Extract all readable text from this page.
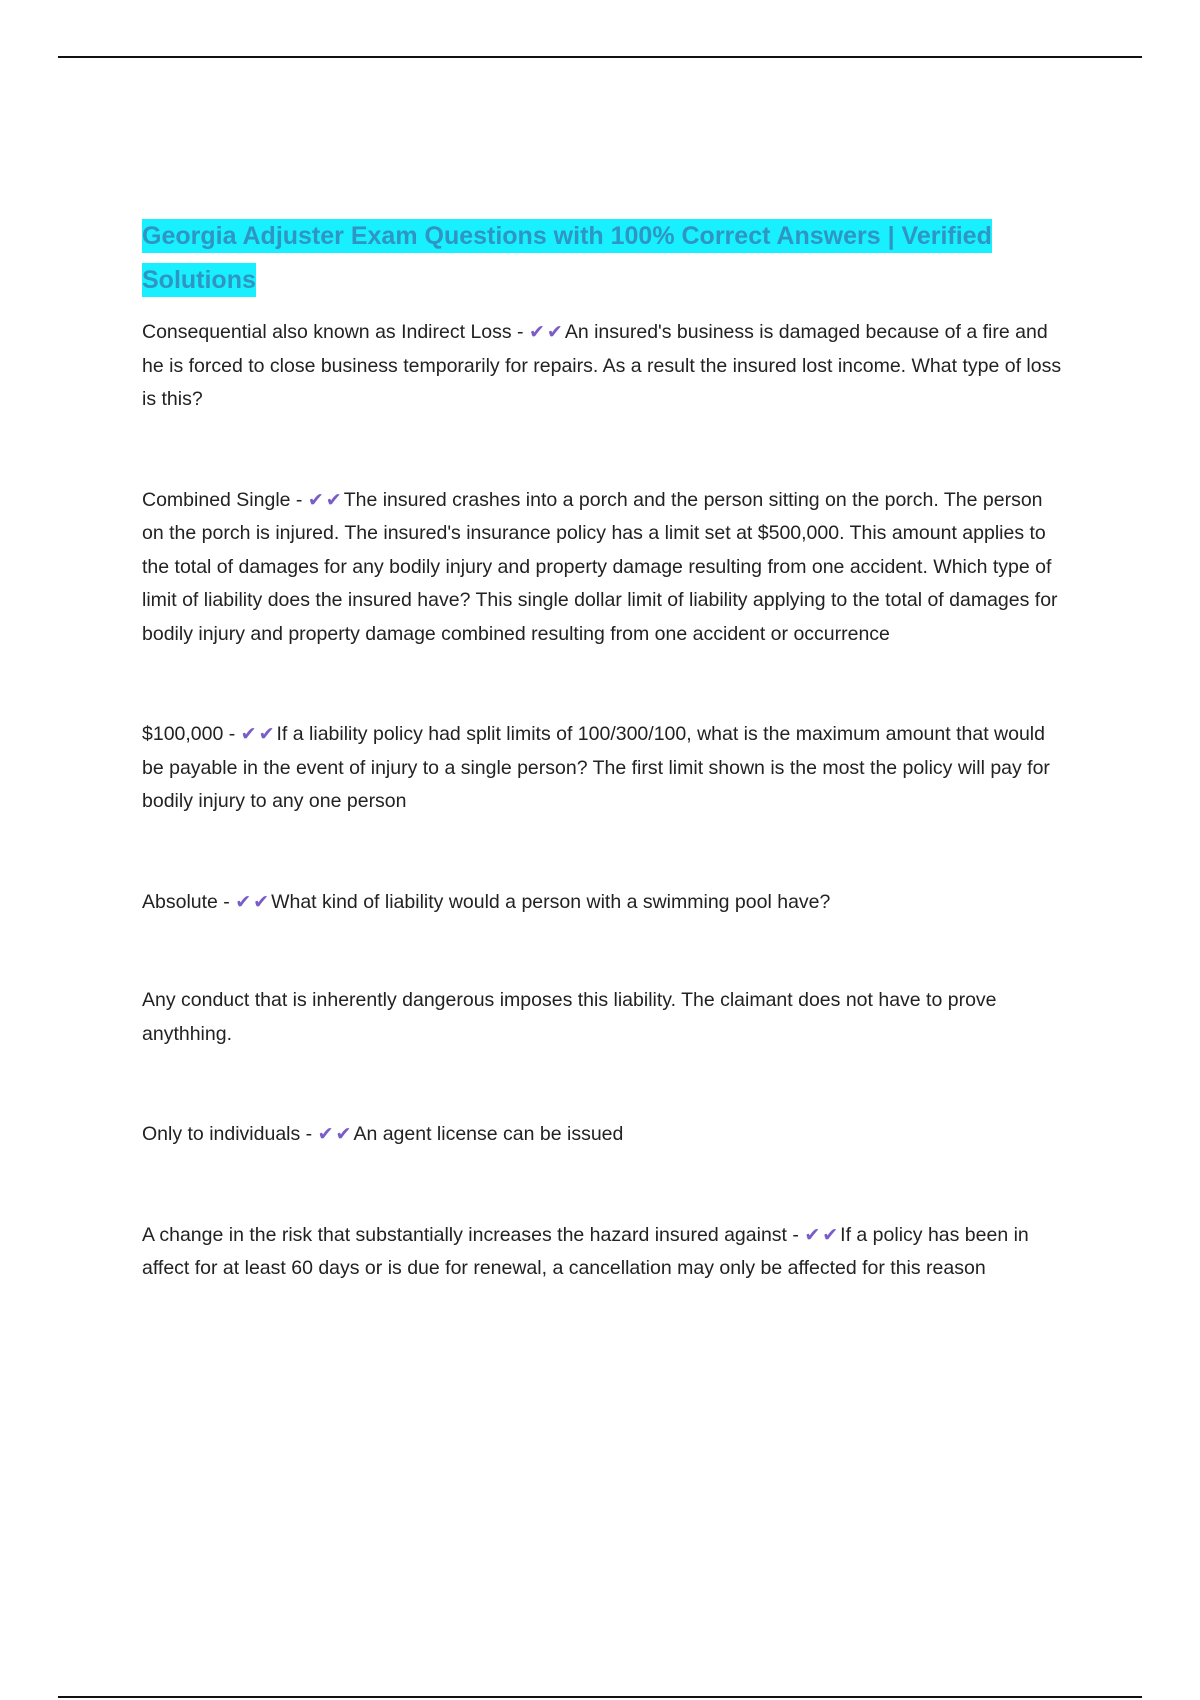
Georgia Adjuster Exam Questions with 100% Correct Answers | Verified Solutions

Consequential also known as Indirect Loss - ✔ ✔ An insured's business is damaged because of a fire and he is forced to close business temporarily for repairs. As a result the insured lost income. What type of loss is this?

Combined Single - ✔ ✔ The insured crashes into a porch and the person sitting on the porch. The person on the porch is injured. The insured's insurance policy has a limit set at $500,000. This amount applies to the total of damages for any bodily injury and property damage resulting from one accident. Which type of limit of liability does the insured have? This single dollar limit of liability applying to the total of damages for bodily injury and property damage combined resulting from one accident or occurrence

$100,000 - ✔ ✔ If a liability policy had split limits of 100/300/100, what is the maximum amount that would be payable in the event of injury to a single person? The first limit shown is the most the policy will pay for bodily injury to any one person

Absolute - ✔ ✔ What kind of liability would a person with a swimming pool have?

Any conduct that is inherently dangerous imposes this liability. The claimant does not have to prove anythhing.

Only to individuals - ✔ ✔ An agent license can be issued

A change in the risk that substantially increases the hazard insured against - ✔ ✔ If a policy has been in affect for at least 60 days or is due for renewal, a cancellation may only be affected for this reason
